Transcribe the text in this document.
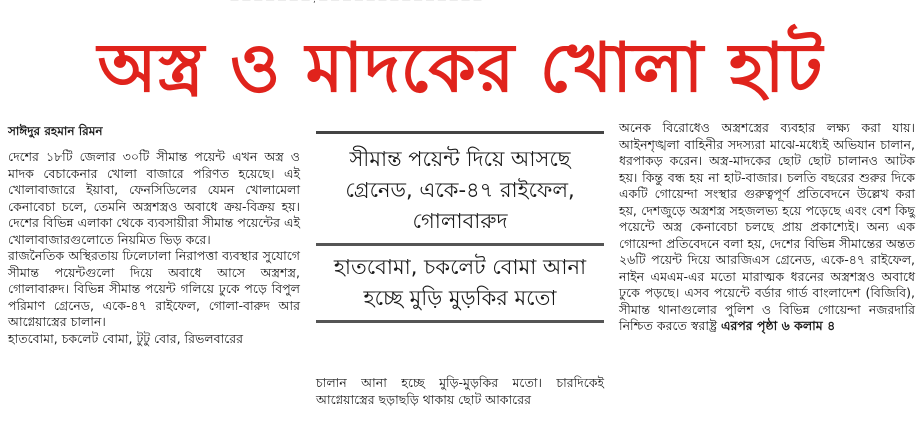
— — — — — — — , — — — — — — — — — — — — — —
অস্ত্র ও মাদকের খোলা হাট
সাঈদুর রহমান রিমন

দেশের ১৮টি জেলার ৩০টি সীমান্ত পয়েন্ট এখন অস্ত্র ও মাদক বেচাকেনার খোলা বাজারে পরিণত হয়েছে। এই খোলাবাজারে ইয়াবা, ফেনসিডিলের যেমন খোলামেলা কেনাবেচা চলে, তেমনি অস্ত্রশস্ত্রও অবাধে ক্রয়-বিক্রয় হয়। দেশের বিভিন্ন এলাকা থেকে ব্যবসায়ীরা সীমান্ত পয়েন্টের এই খোলাবাজারগুলোতে নিয়মিত ভিড় করে।

রাজনৈতিক অস্থিরতায় ঢিলেঢালা নিরাপত্তা ব্যবস্থার সুযোগে সীমান্ত পয়েন্টগুলো দিয়ে অবাধে আসে অস্ত্রশস্ত্র, গোলাবারুদ। বিভিন্ন সীমান্ত পয়েন্ট গলিয়ে ঢুকে পড়ে বিপুল পরিমাণ গ্রেনেড, একে-৪৭ রাইফেল, গোলা-বারুদ আর আগ্নেয়াস্ত্রের চালান।

হাতবোমা, চকলেট বোমা, টুটু বোর, রিভলবারের

সীমান্ত পয়েন্ট দিয়ে আসছে গ্রেনেড, একে-৪৭ রাইফেল, গোলাবারুদ
হাতবোমা, চকলেট বোমা আনা হচ্ছে মুড়ি মুড়কির মতো

চালান আনা হচ্ছে মুড়ি-মুড়কির মতো। চারদিকেই আগ্নেয়াস্ত্রের ছড়াছড়ি থাকায় ছোট আকারের

অনেক বিরোধেও অস্ত্রশস্ত্রের ব্যবহার লক্ষ্য করা যায়। আইনশৃঙ্খলা বাহিনীর সদস্যরা মাঝে-মধ্যেই অভিযান চালান, ধরপাকড় করেন। অস্ত্র-মাদকের ছোট ছোট চালানও আটক হয়। কিন্তু বন্ধ হয় না হাট-বাজার। চলতি বছরের শুরুর দিকে একটি গোয়েন্দা সংস্থার গুরুত্বপূর্ণ প্রতিবেদনে উল্লেখ করা হয়, দেশজুড়ে অস্ত্রশস্ত্র সহজলভ্য হয়ে পড়েছে এবং বেশ কিছু পয়েন্টে অস্ত্র কেনাবেচা চলছে প্রায় প্রকাশ্যেই। অন্য এক গোয়েন্দা প্রতিবেদনে বলা হয়, দেশের বিভিন্ন সীমান্তের অন্তত ২৬টি পয়েন্ট দিয়ে আরজিএস গ্রেনেড, একে-৪৭ রাইফেল, নাইন এমএম-এর মতো মারাত্মক ধরনের অস্ত্রশস্ত্রও অবাধে ঢুকে পড়ছে। এসব পয়েন্টে বর্ডার গার্ড বাংলাদেশ (বিজিবি), সীমান্ত থানাগুলোর পুলিশ ও বিভিন্ন গোয়েন্দা নজরদারি নিশ্চিত করতে স্বরাষ্ট্র এরপর পৃষ্ঠা ৬ কলাম ৪
